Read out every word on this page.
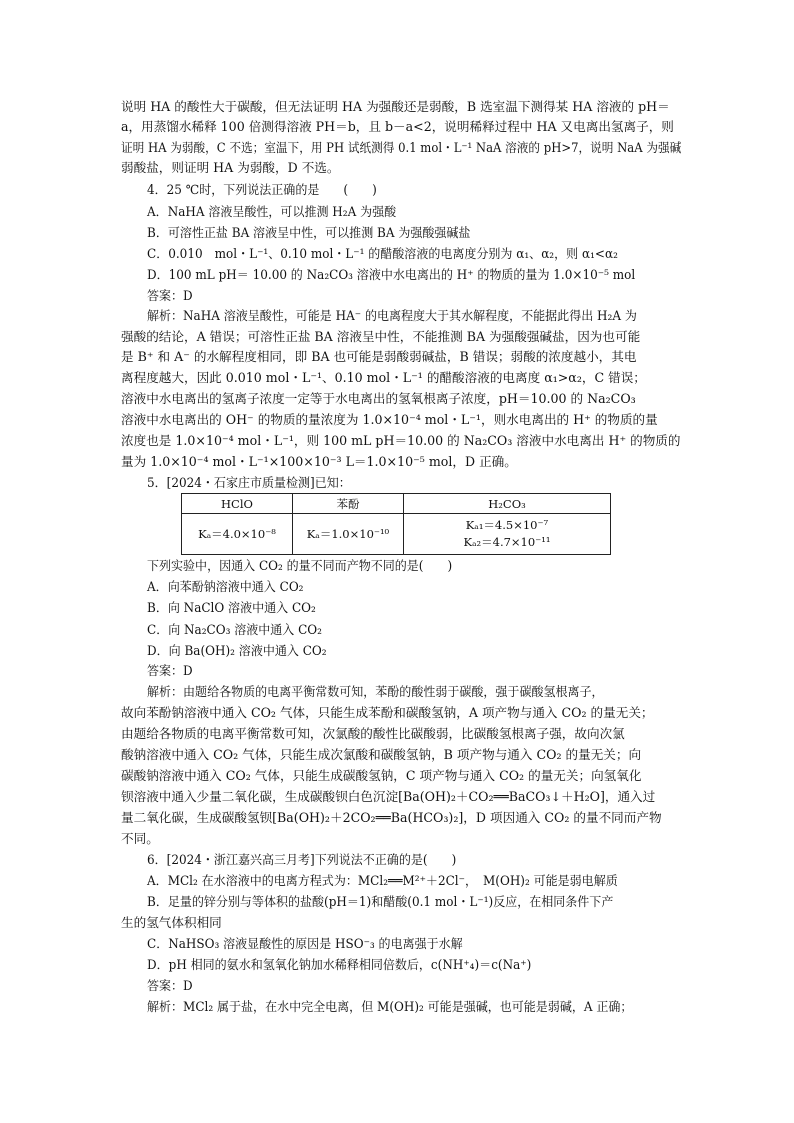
说明 HA 的酸性大于碳酸，但无法证明 HA 为强酸还是弱酸，B 选室温下测得某 HA 溶液的 pH＝
a，用蒸馏水稀释 100 倍测得溶液 PH＝b，且 b－a<2，说明稀释过程中 HA 又电离出氢离子，则
证明 HA 为弱酸，C 不选；室温下，用 PH 试纸测得 0.1 mol・L⁻¹ NaA 溶液的 pH>7，说明 NaA 为强碱
弱酸盐，则证明 HA 为弱酸，D 不选。
4．25 ℃时，下列说法正确的是　　(　　)
A．NaHA 溶液呈酸性，可以推测 H₂A 为强酸
B．可溶性正盐 BA 溶液呈中性，可以推测 BA 为强酸强碱盐
C．0.010　mol・L⁻¹、0.10 mol・L⁻¹ 的醋酸溶液的电离度分别为 α₁、α₂，则 α₁<α₂
D．100 mL pH＝ 10.00 的 Na₂CO₃ 溶液中水电离出的 H⁺ 的物质的量为 1.0×10⁻⁵ mol
答案：D
解析：NaHA 溶液呈酸性，可能是 HA⁻ 的电离程度大于其水解程度，不能据此得出 H₂A 为
强酸的结论，A 错误；可溶性正盐 BA 溶液呈中性，不能推测 BA 为强酸强碱盐，因为也可能
是 B⁺ 和 A⁻ 的水解程度相同，即 BA 也可能是弱酸弱碱盐，B 错误；弱酸的浓度越小，其电
离程度越大，因此 0.010 mol・L⁻¹、0.10 mol・L⁻¹ 的醋酸溶液的电离度 α₁>α₂，C 错误；
溶液中水电离出的氢离子浓度一定等于水电离出的氢氧根离子浓度，pH＝10.00 的 Na₂CO₃
溶液中水电离出的 OH⁻ 的物质的量浓度为 1.0×10⁻⁴ mol・L⁻¹，则水电离出的 H⁺ 的物质的量
浓度也是 1.0×10⁻⁴ mol・L⁻¹，则 100 mL pH＝10.00 的 Na₂CO₃ 溶液中水电离出 H⁺ 的物质的
量为 1.0×10⁻⁴ mol・L⁻¹×100×10⁻³ L＝1.0×10⁻⁵ mol，D 正确。
5．[2024・石家庄市质量检测]已知：
HClO	苯酚	H₂CO₃
Kₐ＝4.0×10⁻⁸	Kₐ＝1.0×10⁻¹⁰	Kₐ₁＝4.5×10⁻⁷
Kₐ₂＝4.7×10⁻¹¹
下列实验中，因通入 CO₂ 的量不同而产物不同的是(　　)
A．向苯酚钠溶液中通入 CO₂
B．向 NaClO 溶液中通入 CO₂
C．向 Na₂CO₃ 溶液中通入 CO₂
D．向 Ba(OH)₂ 溶液中通入 CO₂
答案：D
解析：由题给各物质的电离平衡常数可知，苯酚的酸性弱于碳酸，强于碳酸氢根离子，
故向苯酚钠溶液中通入 CO₂ 气体，只能生成苯酚和碳酸氢钠，A 项产物与通入 CO₂ 的量无关；
由题给各物质的电离平衡常数可知，次氯酸的酸性比碳酸弱，比碳酸氢根离子强，故向次氯
酸钠溶液中通入 CO₂ 气体，只能生成次氯酸和碳酸氢钠，B 项产物与通入 CO₂ 的量无关；向
碳酸钠溶液中通入 CO₂ 气体，只能生成碳酸氢钠，C 项产物与通入 CO₂ 的量无关；向氢氧化
钡溶液中通入少量二氧化碳，生成碳酸钡白色沉淀[Ba(OH)₂＋CO₂══BaCO₃↓＋H₂O]，通入过
量二氧化碳，生成碳酸氢钡[Ba(OH)₂＋2CO₂══Ba(HCO₃)₂]，D 项因通入 CO₂ 的量不同而产物
不同。
6．[2024・浙江嘉兴高三月考]下列说法不正确的是(　　)
A．MCl₂ 在水溶液中的电离方程式为：MCl₂══M²⁺＋2Cl⁻，　M(OH)₂ 可能是弱电解质
B．足量的锌分别与等体积的盐酸(pH＝1)和醋酸(0.1 mol・L⁻¹)反应，在相同条件下产
生的氢气体积相同
C．NaHSO₃ 溶液显酸性的原因是 HSO⁻₃ 的电离强于水解
D．pH 相同的氨水和氢氧化钠加水稀释相同倍数后，c(NH⁺₄)＝c(Na⁺)
答案：D
解析：MCl₂ 属于盐，在水中完全电离，但 M(OH)₂ 可能是强碱，也可能是弱碱，A 正确；
